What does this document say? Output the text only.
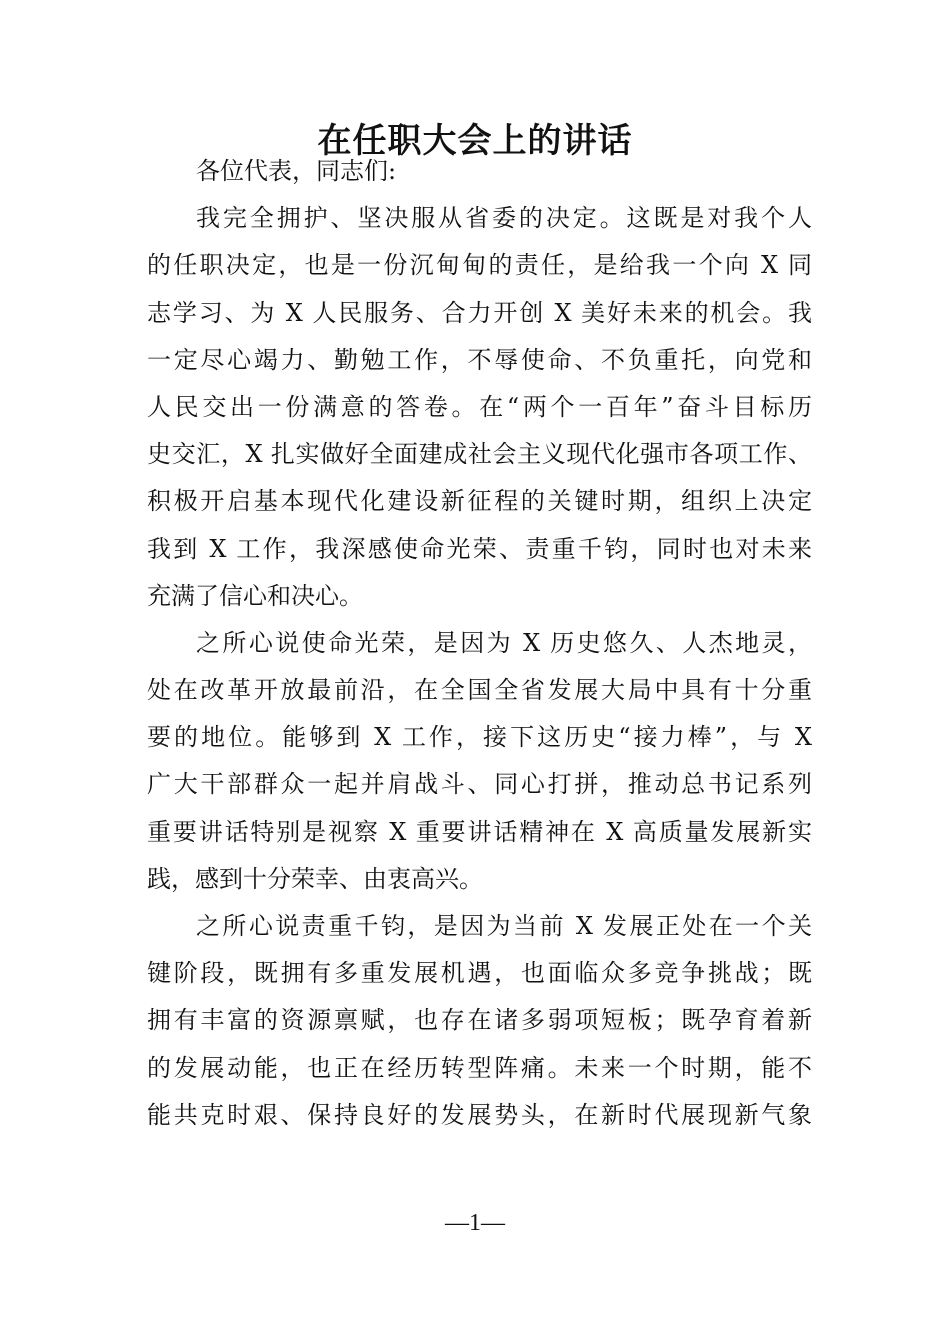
在任职大会上的讲话
各位代表，同志们:
我完全拥护、坚决服从省委的决定。这既是对我个人
的任职决定，也是一份沉甸甸的责任，是给我一个向 X 同
志学习、为 X 人民服务、合力开创 X 美好未来的机会。我
一定尽心竭力、勤勉工作，不辱使命、不负重托，向党和
人民交出一份满意的答卷。在“两个一百年”奋斗目标历
史交汇，X 扎实做好全面建成社会主义现代化强市各项工作、
积极开启基本现代化建设新征程的关键时期，组织上决定
我到 X 工作，我深感使命光荣、责重千钧，同时也对未来
充满了信心和决心。
之所心说使命光荣，是因为 X 历史悠久、人杰地灵，
处在改革开放最前沿，在全国全省发展大局中具有十分重
要的地位。能够到 X 工作，接下这历史“接力棒”，与 X
广大干部群众一起并肩战斗、同心打拼，推动总书记系列
重要讲话特别是视察 X 重要讲话精神在 X 高质量发展新实
践，感到十分荣幸、由衷高兴。
之所心说责重千钧，是因为当前 X 发展正处在一个关
键阶段，既拥有多重发展机遇，也面临众多竞争挑战；既
拥有丰富的资源禀赋，也存在诸多弱项短板；既孕育着新
的发展动能，也正在经历转型阵痛。未来一个时期，能不
能共克时艰、保持良好的发展势头，在新时代展现新气象
—1—
